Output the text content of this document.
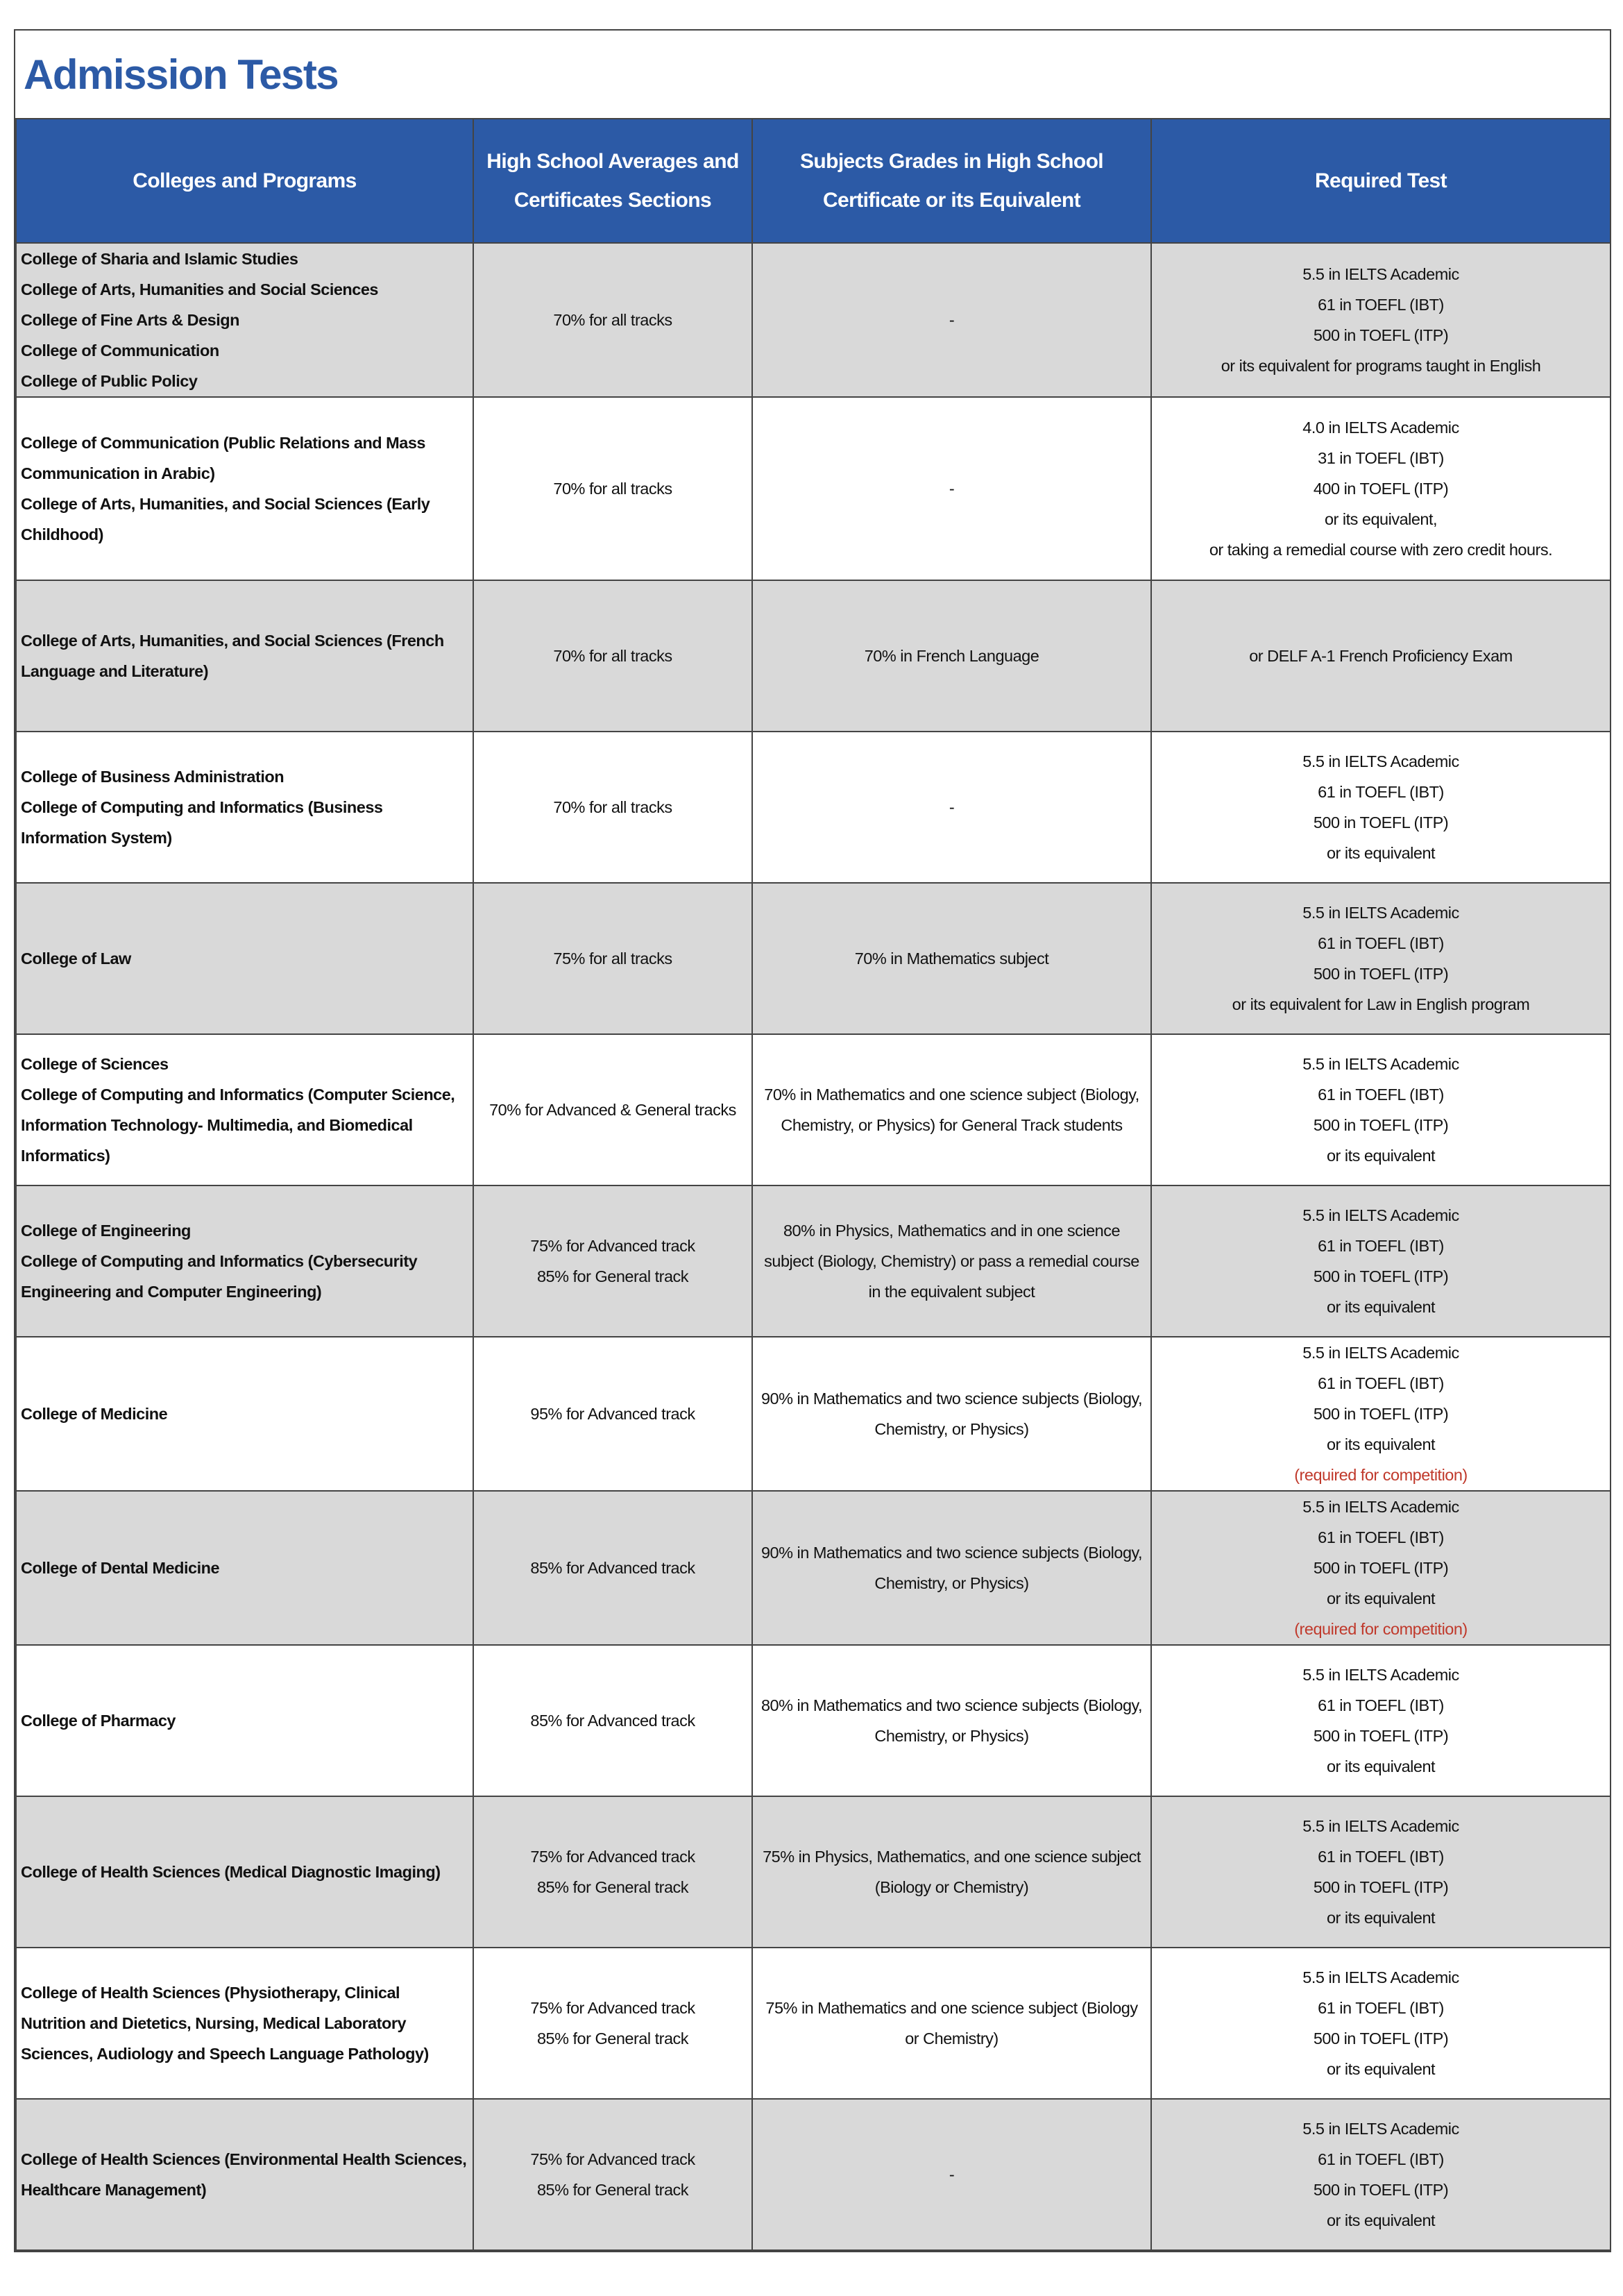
Admission Tests
Colleges and Programs	High School Averages and Certificates Sections	Subjects Grades in High School Certificate or its Equivalent	Required Test

College of Sharia and Islamic Studies
College of Arts, Humanities and Social Sciences
College of Fine Arts & Design
College of Communication
College of Public Policy	70% for all tracks	-	5.5 in IELTS Academic
61 in TOEFL (IBT)
500 in TOEFL (ITP)
or its equivalent for programs taught in English

College of Communication (Public Relations and Mass Communication in Arabic)
College of Arts, Humanities, and Social Sciences (Early Childhood)	70% for all tracks	-	4.0 in IELTS Academic
31 in TOEFL (IBT)
400 in TOEFL (ITP)
or its equivalent,
or taking a remedial course with zero credit hours.

College of Arts, Humanities, and Social Sciences (French Language and Literature)	70% for all tracks	70% in French Language	or DELF A-1 French Proficiency Exam

College of Business Administration
College of Computing and Informatics (Business Information System)	70% for all tracks	-	5.5 in IELTS Academic
61 in TOEFL (IBT)
500 in TOEFL (ITP)
or its equivalent

College of Law	75% for all tracks	70% in Mathematics subject	5.5 in IELTS Academic
61 in TOEFL (IBT)
500 in TOEFL (ITP)
or its equivalent for Law in English program

College of Sciences
College of Computing and Informatics (Computer Science, Information Technology- Multimedia, and Biomedical Informatics)	70% for Advanced & General tracks	70% in Mathematics and one science subject (Biology, Chemistry, or Physics) for General Track students	5.5 in IELTS Academic
61 in TOEFL (IBT)
500 in TOEFL (ITP)
or its equivalent

College of Engineering
College of Computing and Informatics (Cybersecurity Engineering and Computer Engineering)	75% for Advanced track
85% for General track	80% in Physics, Mathematics and in one science subject (Biology, Chemistry) or pass a remedial course in the equivalent subject	5.5 in IELTS Academic
61 in TOEFL (IBT)
500 in TOEFL (ITP)
or its equivalent

College of Medicine	95% for Advanced track	90% in Mathematics and two science subjects (Biology, Chemistry, or Physics)	5.5 in IELTS Academic
61 in TOEFL (IBT)
500 in TOEFL (ITP)
or its equivalent
(required for competition)

College of Dental Medicine	85% for Advanced track	90% in Mathematics and two science subjects (Biology, Chemistry, or Physics)	5.5 in IELTS Academic
61 in TOEFL (IBT)
500 in TOEFL (ITP)
or its equivalent
(required for competition)

College of Pharmacy	85% for Advanced track	80% in Mathematics and two science subjects (Biology, Chemistry, or Physics)	5.5 in IELTS Academic
61 in TOEFL (IBT)
500 in TOEFL (ITP)
or its equivalent

College of Health Sciences (Medical Diagnostic Imaging)	75% for Advanced track
85% for General track	75% in Physics, Mathematics, and one science subject (Biology or Chemistry)	5.5 in IELTS Academic
61 in TOEFL (IBT)
500 in TOEFL (ITP)
or its equivalent

College of Health Sciences (Physiotherapy, Clinical Nutrition and Dietetics, Nursing, Medical Laboratory Sciences, Audiology and Speech Language Pathology)	75% for Advanced track
85% for General track	75% in Mathematics and one science subject (Biology or Chemistry)	5.5 in IELTS Academic
61 in TOEFL (IBT)
500 in TOEFL (ITP)
or its equivalent

College of Health Sciences (Environmental Health Sciences, Healthcare Management)	75% for Advanced track
85% for General track	-	5.5 in IELTS Academic
61 in TOEFL (IBT)
500 in TOEFL (ITP)
or its equivalent
